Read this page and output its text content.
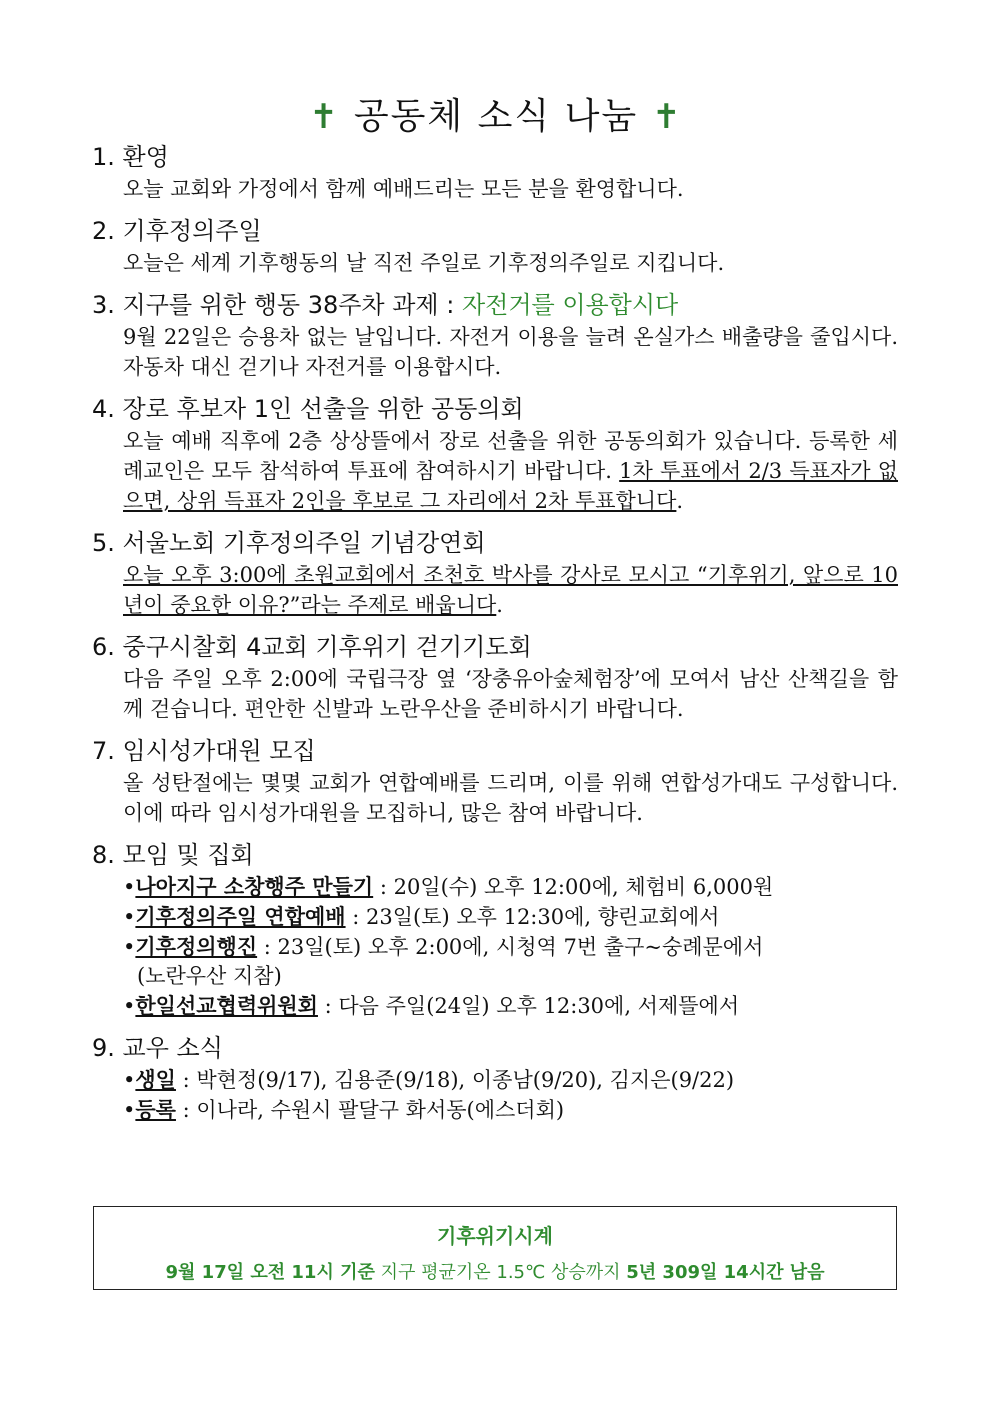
✝ 공동체 소식 나눔 ✝
1. 환영
오늘 교회와 가정에서 함께 예배드리는 모든 분을 환영합니다.
2. 기후정의주일
오늘은 세계 기후행동의 날 직전 주일로 기후정의주일로 지킵니다.
3. 지구를 위한 행동 38주차 과제 : 자전거를 이용합시다
9월 22일은 승용차 없는 날입니다. 자전거 이용을 늘려 온실가스 배출량을 줄입시다. 자동차 대신 걷기나 자전거를 이용합시다.
4. 장로 후보자 1인 선출을 위한 공동의회
오늘 예배 직후에 2층 상상뜰에서 장로 선출을 위한 공동의회가 있습니다. 등록한 세례교인은 모두 참석하여 투표에 참여하시기 바랍니다. 1차 투표에서 2/3 득표자가 없으면, 상위 득표자 2인을 후보로 그 자리에서 2차 투표합니다.
5. 서울노회 기후정의주일 기념강연회
오늘 오후 3:00에 초원교회에서 조천호 박사를 강사로 모시고 “기후위기, 앞으로 10년이 중요한 이유?”라는 주제로 배웁니다.
6. 중구시찰회 4교회 기후위기 걷기기도회
다음 주일 오후 2:00에 국립극장 옆 ‘장충유아숲체험장’에 모여서 남산 산책길을 함께 걷습니다. 편안한 신발과 노란우산을 준비하시기 바랍니다.
7. 임시성가대원 모집
올 성탄절에는 몇몇 교회가 연합예배를 드리며, 이를 위해 연합성가대도 구성합니다. 이에 따라 임시성가대원을 모집하니, 많은 참여 바랍니다.
8. 모임 및 집회
•나아지구 소창행주 만들기 : 20일(수) 오후 12:00에, 체험비 6,000원
•기후정의주일 연합예배 : 23일(토) 오후 12:30에, 향린교회에서
•기후정의행진 : 23일(토) 오후 2:00에, 시청역 7번 출구~숭례문에서
(노란우산 지참)
•한일선교협력위원회 : 다음 주일(24일) 오후 12:30에, 서제뜰에서
9. 교우 소식
•생일 : 박현정(9/17), 김용준(9/18), 이종남(9/20), 김지은(9/22)
•등록 : 이나라, 수원시 팔달구 화서동(에스더회)
기후위기시계
9월 17일 오전 11시 기준 지구 평균기온 1.5℃ 상승까지 5년 309일 14시간 남음
